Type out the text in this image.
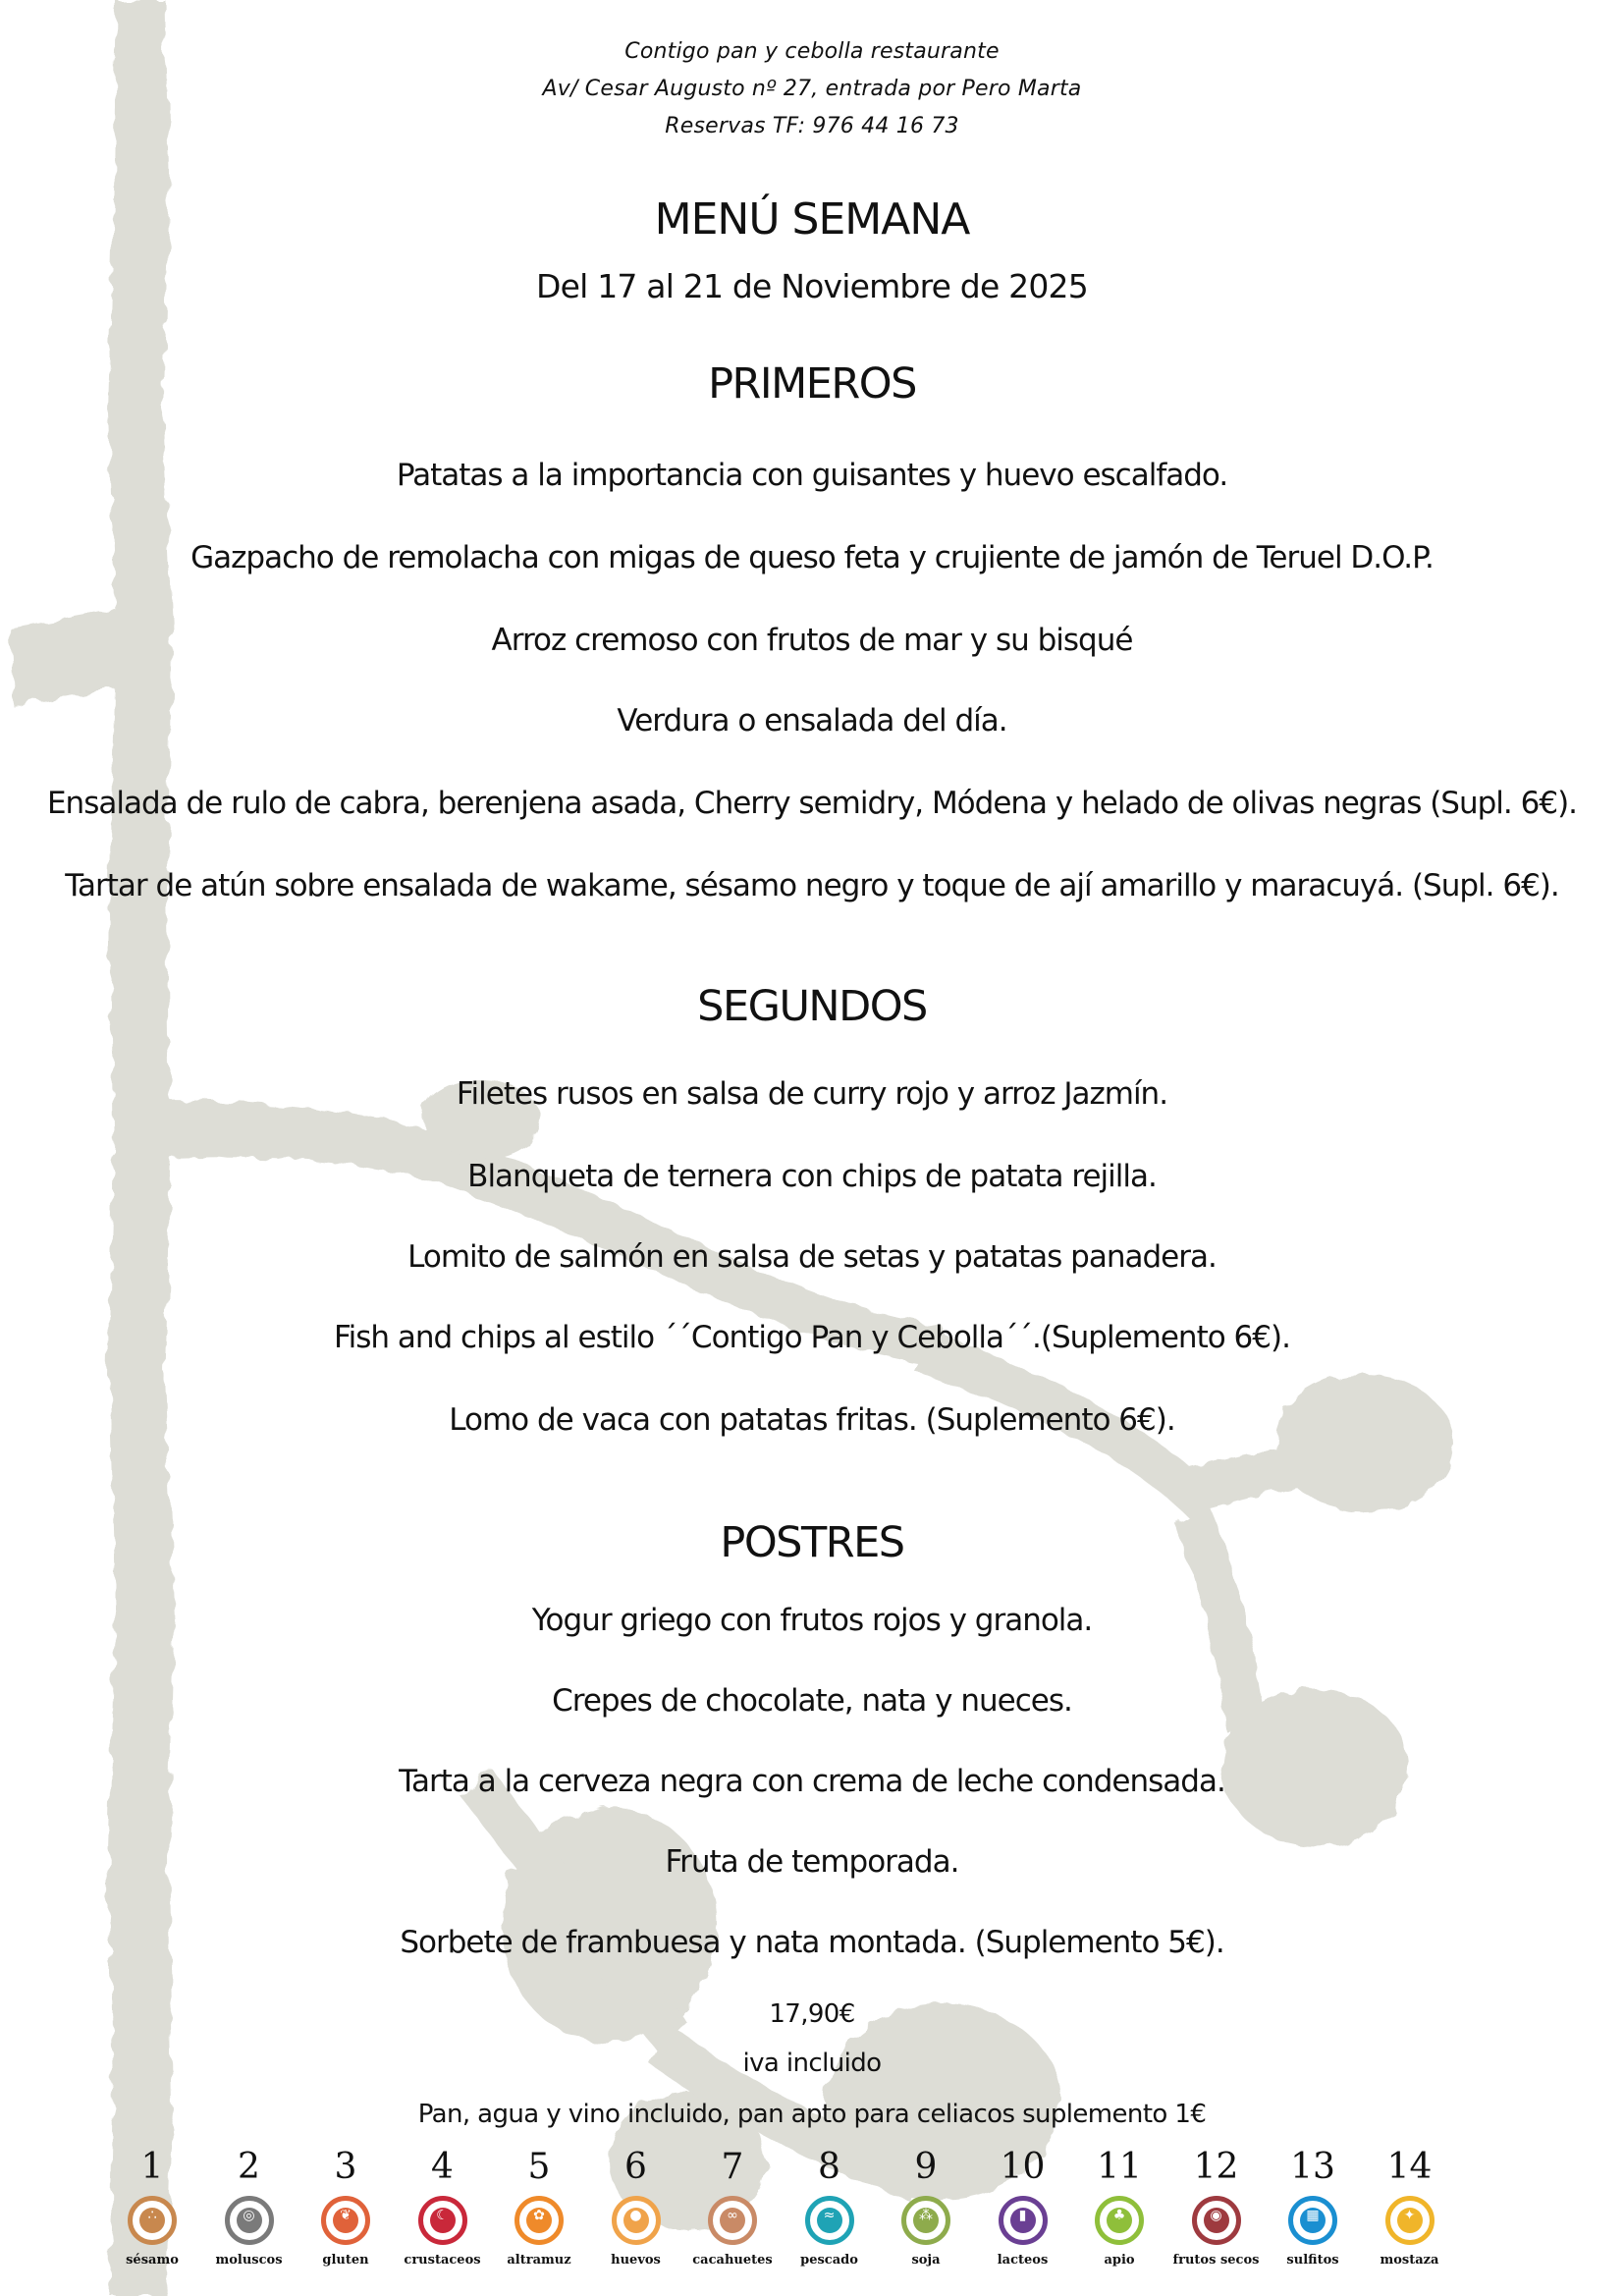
Contigo pan y cebolla restaurante
Av/ Cesar Augusto nº 27, entrada por Pero Marta
Reservas TF: 976 44 16 73
MENÚ SEMANA
Del 17 al 21 de Noviembre de 2025
PRIMEROS
Patatas a la importancia con guisantes y huevo escalfado.
Gazpacho de remolacha con migas de queso feta y crujiente de jamón de Teruel D.O.P.
Arroz cremoso con frutos de mar y su bisqué
Verdura o ensalada del día.
Ensalada de rulo de cabra, berenjena asada, Cherry semidry, Módena y helado de olivas negras (Supl. 6€).
Tartar de atún sobre ensalada de wakame, sésamo negro y toque de ají amarillo y maracuyá. (Supl. 6€).
SEGUNDOS
Filetes rusos en salsa de curry rojo y arroz Jazmín.
Blanqueta de ternera con chips de patata rejilla.
Lomito de salmón en salsa de setas y patatas panadera.
Fish and chips al estilo ´´Contigo Pan y Cebolla´´.(Suplemento 6€).
Lomo de vaca con patatas fritas. (Suplemento 6€).
POSTRES
Yogur griego con frutos rojos y granola.
Crepes de chocolate, nata y nueces.
Tarta a la cerveza negra con crema de leche condensada.
Fruta de temporada.
Sorbete de frambuesa y nata montada. (Suplemento 5€).
17,90€
iva incluido
Pan, agua y vino incluido, pan apto para celiacos suplemento 1€
1
∴
sésamo
2
◎
moluscos
3
❦
gluten
4
☾
crustaceos
5
✿
altramuz
6
●
huevos
7
∞
cacahuetes
8
≈
pescado
9
⁂
soja
10
▮
lacteos
11
♣
apio
12
◉
frutos secos
13
▦
sulfitos
14
✦
mostaza
